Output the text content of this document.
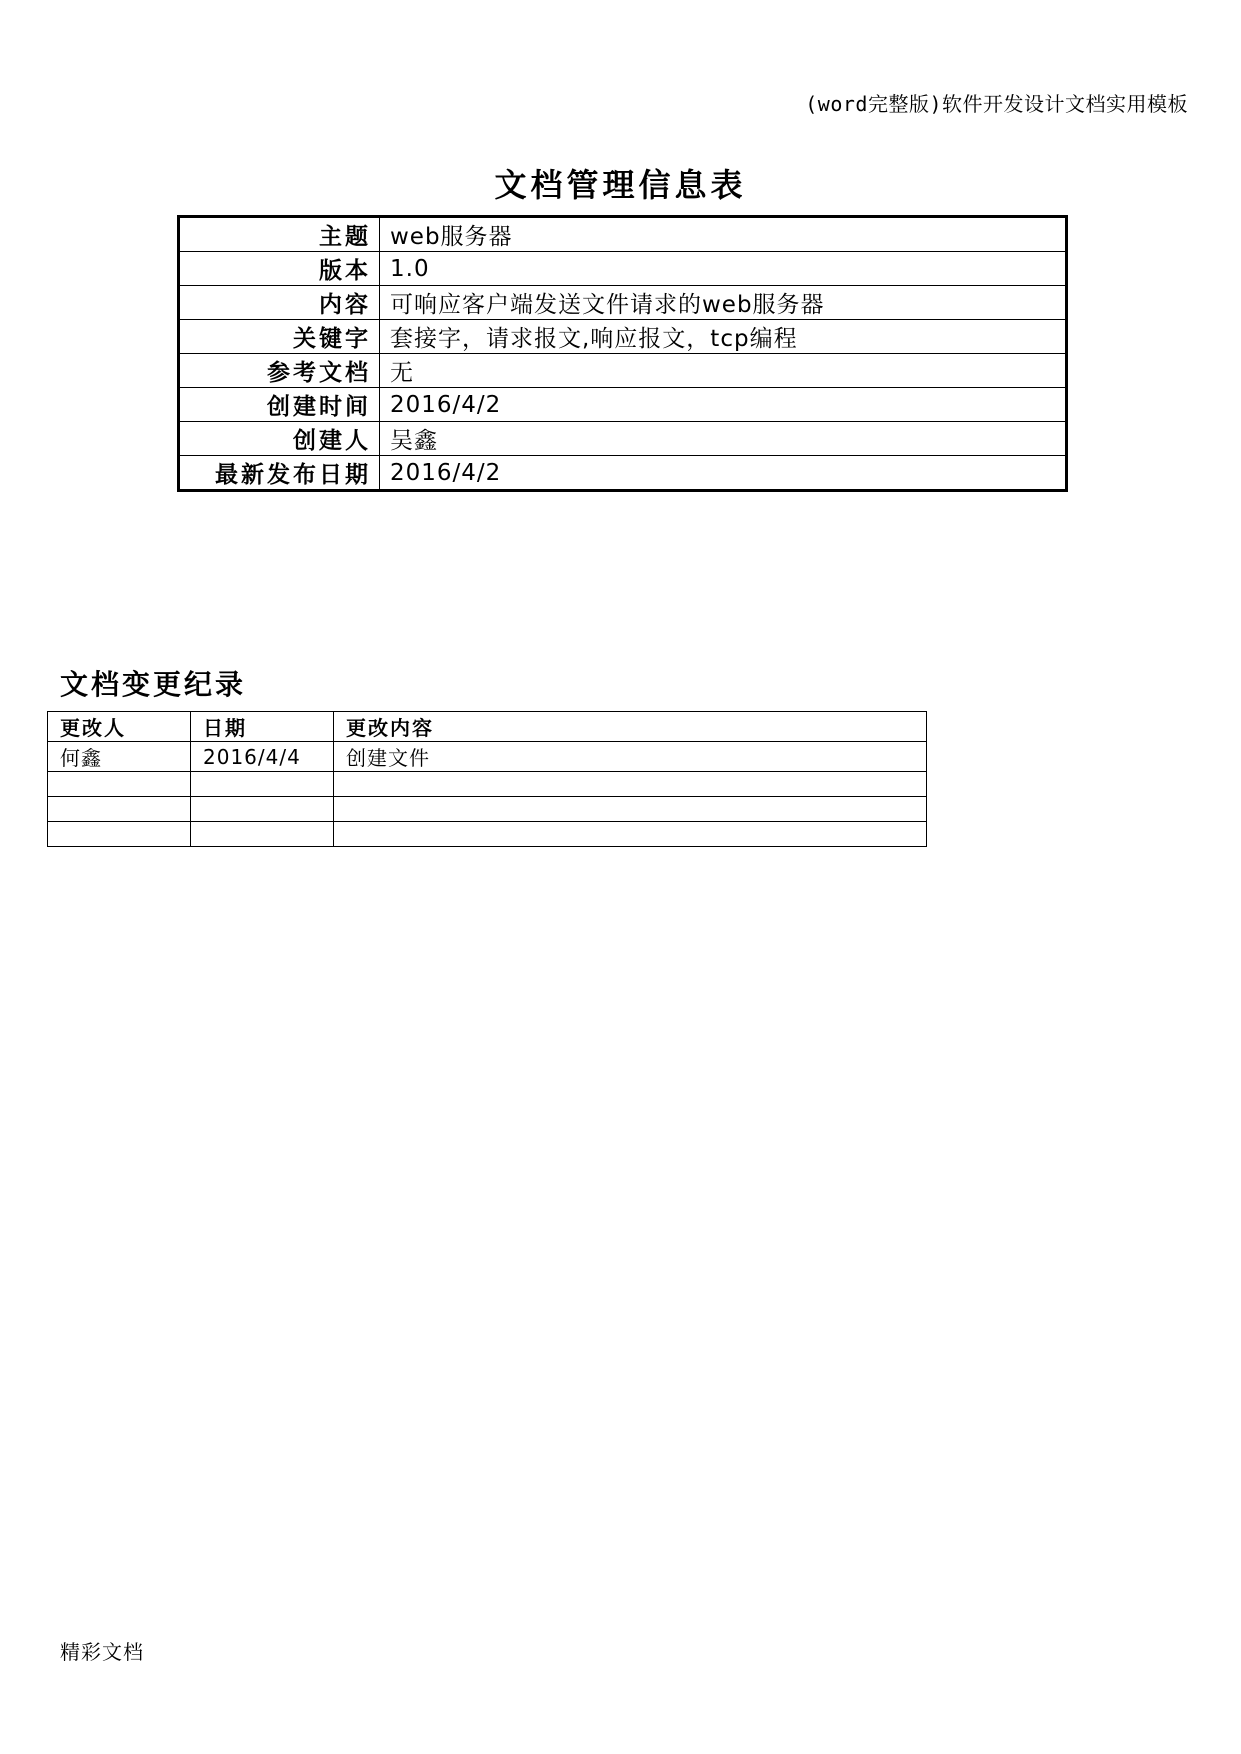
(word完整版)软件开发设计文档实用模板
文档管理信息表
主题	web服务器
版本	1.0
内容	可响应客户端发送文件请求的web服务器
关键字	套接字，请求报文,响应报文，tcp编程
参考文档	无
创建时间	2016/4/2
创建人	吴鑫
最新发布日期	2016/4/2
文档变更纪录
更改人	日期	更改内容
何鑫	2016/4/4	创建文件

精彩文档
